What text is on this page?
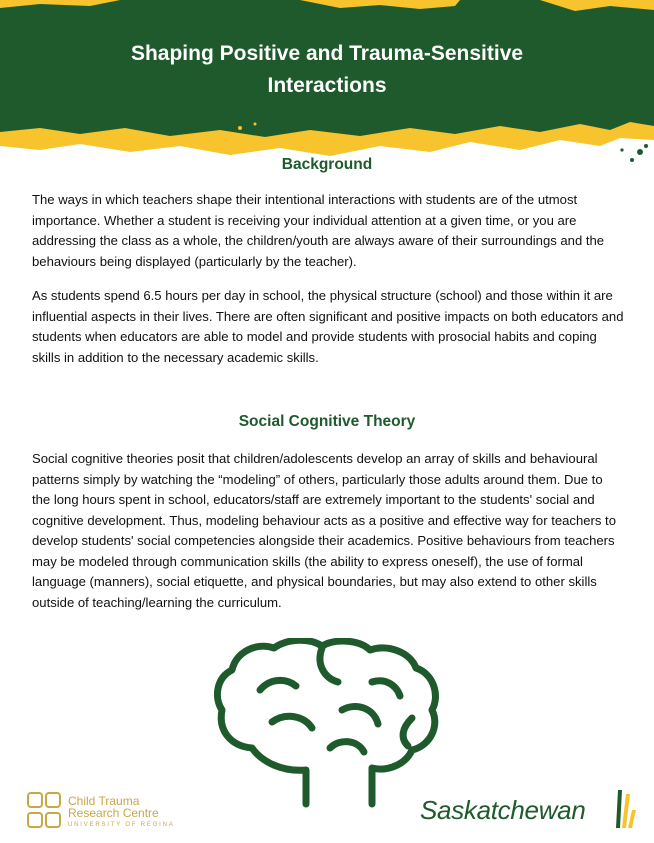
Shaping Positive and Trauma-Sensitive
Interactions
Background
The ways in which teachers shape their intentional interactions with students are of the utmost importance. Whether a student is receiving your individual attention at a given time, or you are addressing the class as a whole, the children/youth are always aware of their surroundings and the behaviours being displayed (particularly by the teacher).
As students spend 6.5 hours per day in school, the physical structure (school) and those within it are influential aspects in their lives. There are often significant and positive impacts on both educators and students when educators are able to model and provide students with prosocial habits and coping skills in addition to the necessary academic skills.
Social Cognitive Theory
Social cognitive theories posit that children/adolescents develop an array of skills and behavioural patterns simply by watching the “modeling” of others, particularly those adults around them. Due to the long hours spent in school, educators/staff are extremely important to the students' social and cognitive development. Thus, modeling behaviour acts as a positive and effective way for teachers to develop students' social competencies alongside their academics. Positive behaviours from teachers may be modeled through communication skills (the ability to express oneself), the use of formal language (manners), social etiquette, and physical boundaries, but may also extend to other skills outside of teaching/learning the curriculum.
Child Trauma
Research Centre
UNIVERSITY OF REGINA	Saskatchewan
